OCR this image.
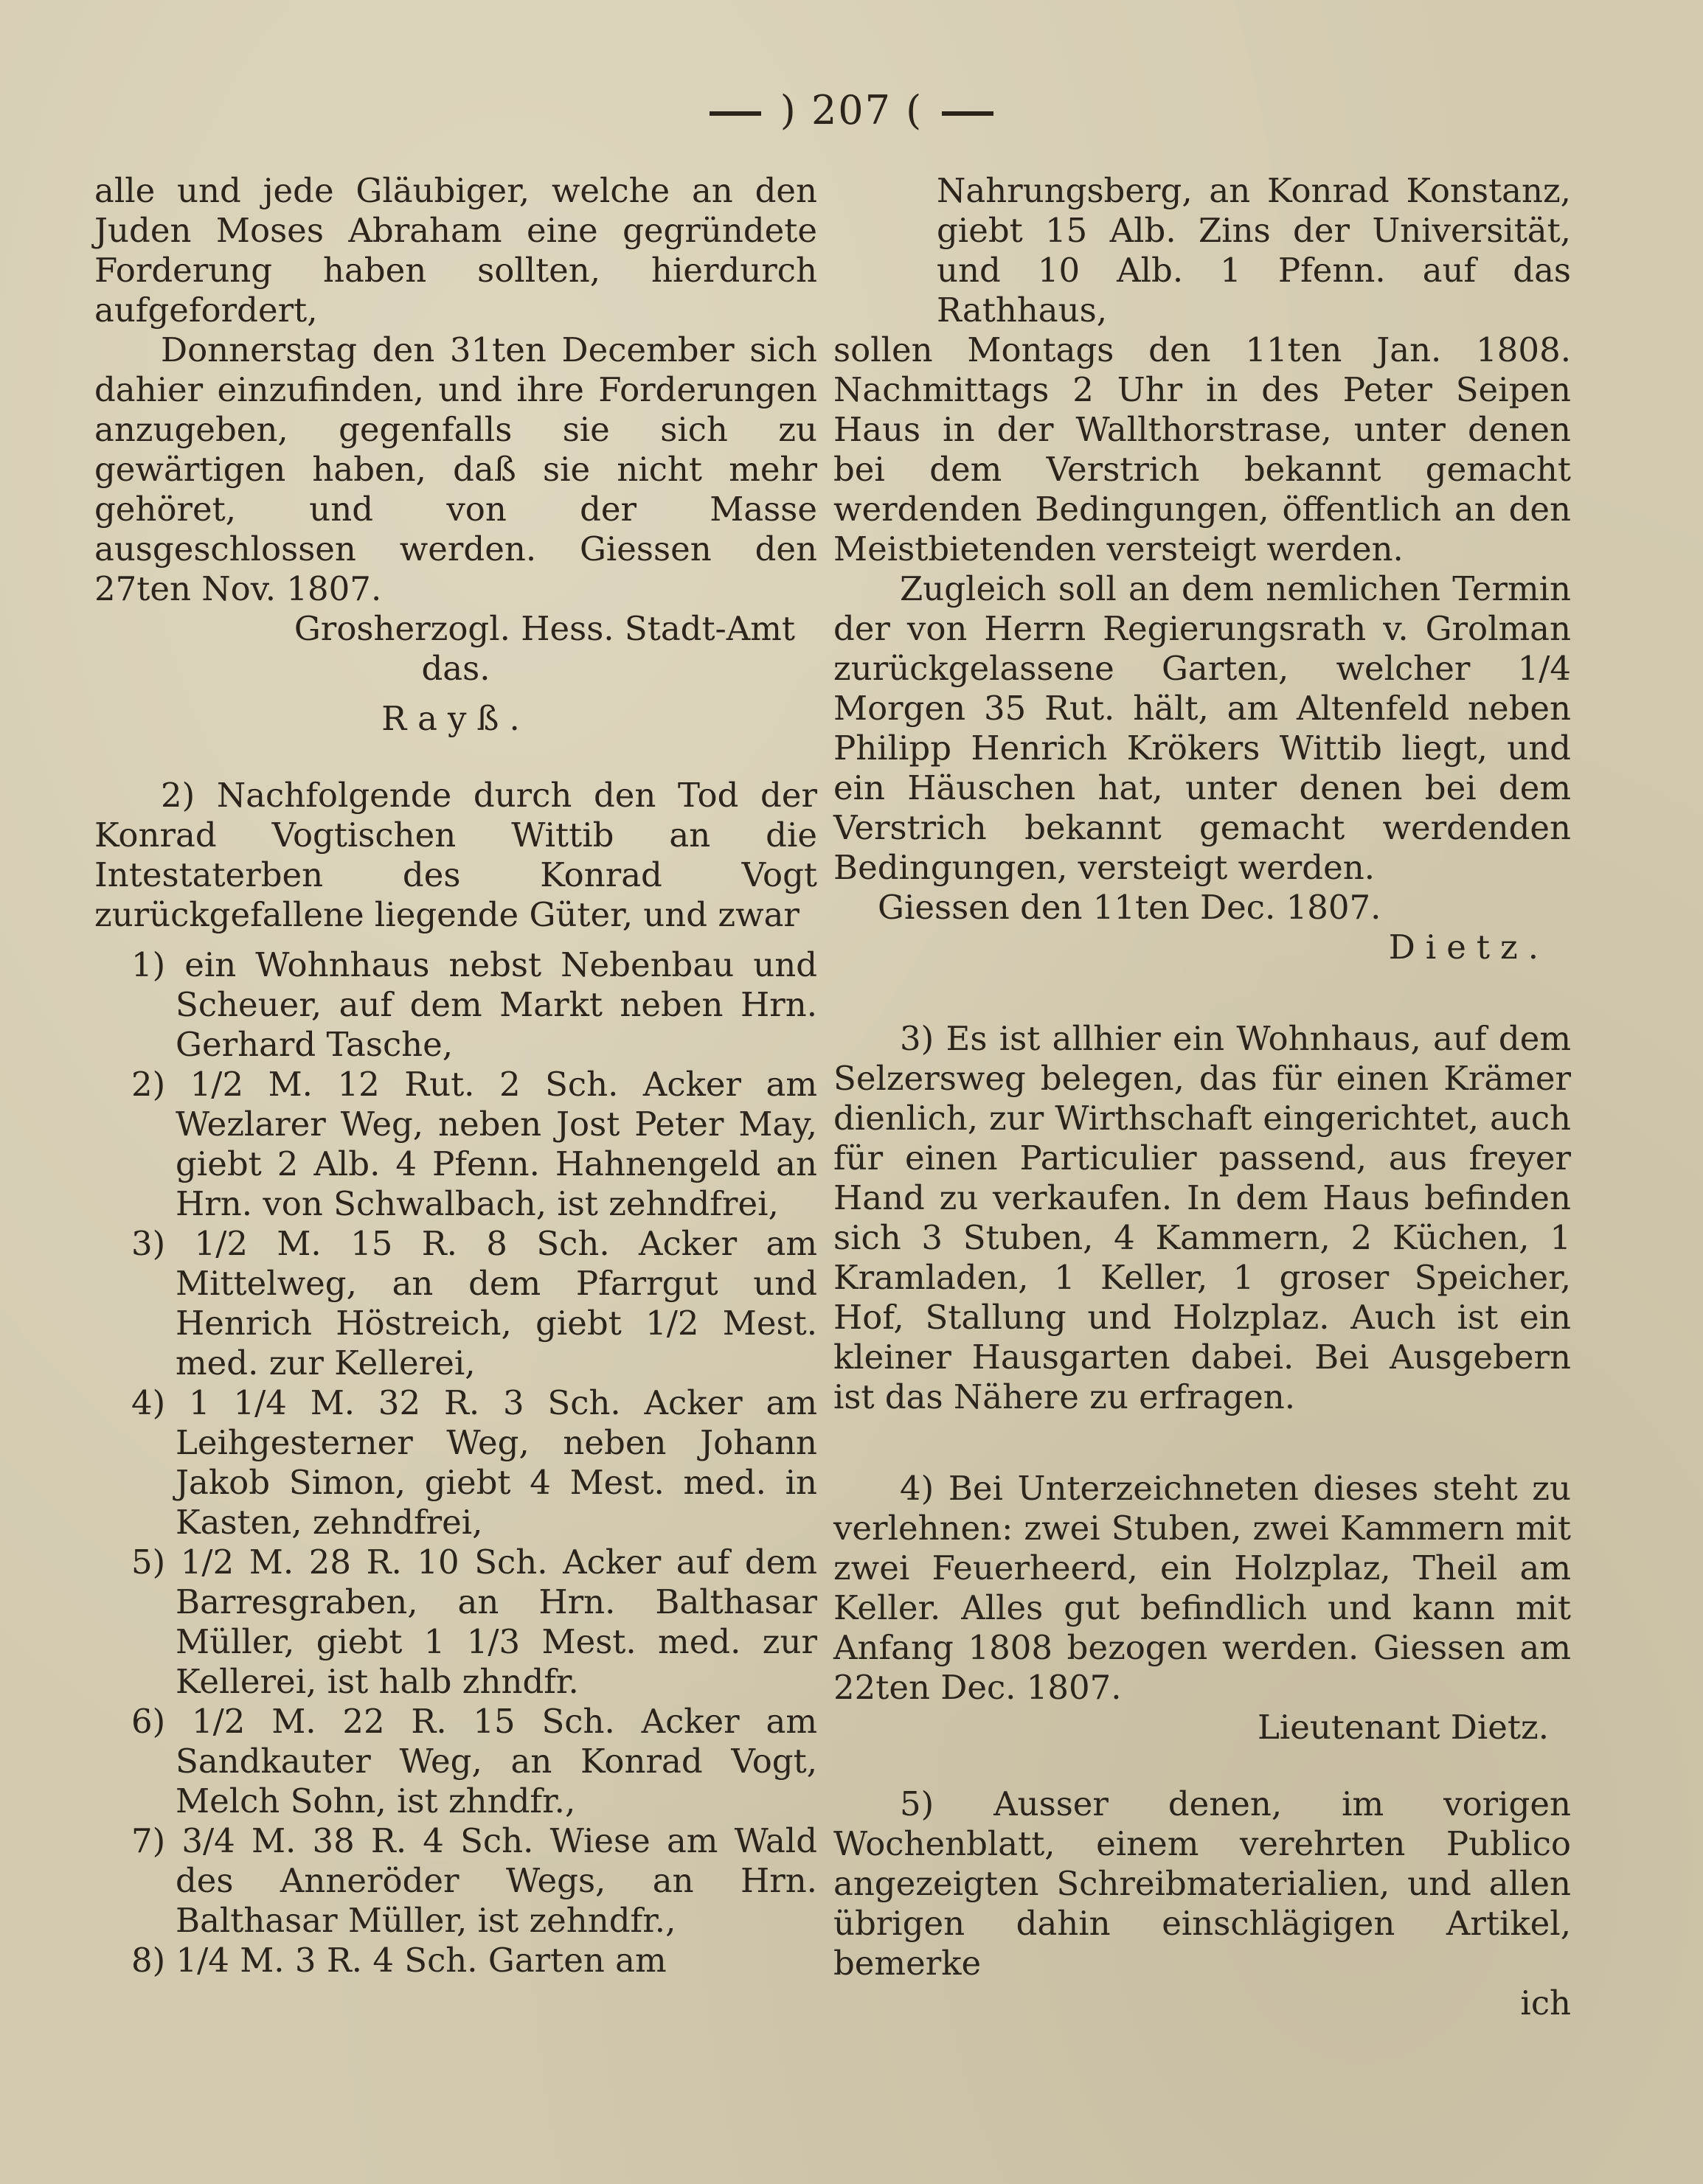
) 207 (

alle und jede Gläubiger, welche an den Juden Moses Abraham eine gegründete Forderung haben sollten, hierdurch aufgefordert,

Donnerstag den 31ten December sich dahier einzufinden, und ihre Forderungen anzugeben, gegenfalls sie sich zu gewärtigen haben, daß sie nicht mehr gehöret, und von der Masse ausgeschlossen werden. Giessen den 27ten Nov. 1807.

Grosherzogl. Hess. Stadt-Amt

das.

Rayß.

2) Nachfolgende durch den Tod der Konrad Vogtischen Wittib an die Intestaterben des Konrad Vogt zurückgefallene liegende Güter, und zwar

1) ein Wohnhaus nebst Nebenbau und Scheuer, auf dem Markt neben Hrn. Gerhard Tasche,

2) 1/2 M. 12 Rut. 2 Sch. Acker am Wezlarer Weg, neben Jost Peter May, giebt 2 Alb. 4 Pfenn. Hahnengeld an Hrn. von Schwalbach, ist zehndfrei,

3) 1/2 M. 15 R. 8 Sch. Acker am Mittelweg, an dem Pfarrgut und Henrich Höstreich, giebt 1/2 Mest. med. zur Kellerei,

4) 1 1/4 M. 32 R. 3 Sch. Acker am Leihgesterner Weg, neben Johann Jakob Simon, giebt 4 Mest. med. in Kasten, zehndfrei,

5) 1/2 M. 28 R. 10 Sch. Acker auf dem Barresgraben, an Hrn. Balthasar Müller, giebt 1 1/3 Mest. med. zur Kellerei, ist halb zhndfr.

6) 1/2 M. 22 R. 15 Sch. Acker am Sandkauter Weg, an Konrad Vogt, Melch Sohn, ist zhndfr.,

7) 3/4 M. 38 R. 4 Sch. Wiese am Wald des Anneröder Wegs, an Hrn. Balthasar Müller, ist zehndfr.,

8) 1/4 M. 3 R. 4 Sch. Garten am

Nahrungsberg, an Konrad Konstanz, giebt 15 Alb. Zins der Universität, und 10 Alb. 1 Pfenn. auf das Rathhaus,

sollen Montags den 11ten Jan. 1808. Nachmittags 2 Uhr in des Peter Seipen Haus in der Wallthorstrase, unter denen bei dem Verstrich bekannt gemacht werdenden Bedingungen, öffentlich an den Meistbietenden versteigt werden.

Zugleich soll an dem nemlichen Termin der von Herrn Regierungsrath v. Grolman zurückgelassene Garten, welcher 1/4 Morgen 35 Rut. hält, am Altenfeld neben Philipp Henrich Krökers Wittib liegt, und ein Häuschen hat, unter denen bei dem Verstrich bekannt gemacht werdenden Bedingungen, versteigt werden.

Giessen den 11ten Dec. 1807.

Dietz.

3) Es ist allhier ein Wohnhaus, auf dem Selzersweg belegen, das für einen Krämer dienlich, zur Wirthschaft eingerichtet, auch für einen Particulier passend, aus freyer Hand zu verkaufen. In dem Haus befinden sich 3 Stuben, 4 Kammern, 2 Küchen, 1 Kramladen, 1 Keller, 1 groser Speicher, Hof, Stallung und Holzplaz. Auch ist ein kleiner Hausgarten dabei. Bei Ausgebern ist das Nähere zu erfragen.

4) Bei Unterzeichneten dieses steht zu verlehnen: zwei Stuben, zwei Kammern mit zwei Feuerheerd, ein Holzplaz, Theil am Keller. Alles gut befindlich und kann mit Anfang 1808 bezogen werden. Giessen am 22ten Dec. 1807.

Lieutenant Dietz.

5) Ausser denen, im vorigen Wochenblatt, einem verehrten Publico angezeigten Schreibmaterialien, und allen übrigen dahin einschlägigen Artikel, bemerke

ich
